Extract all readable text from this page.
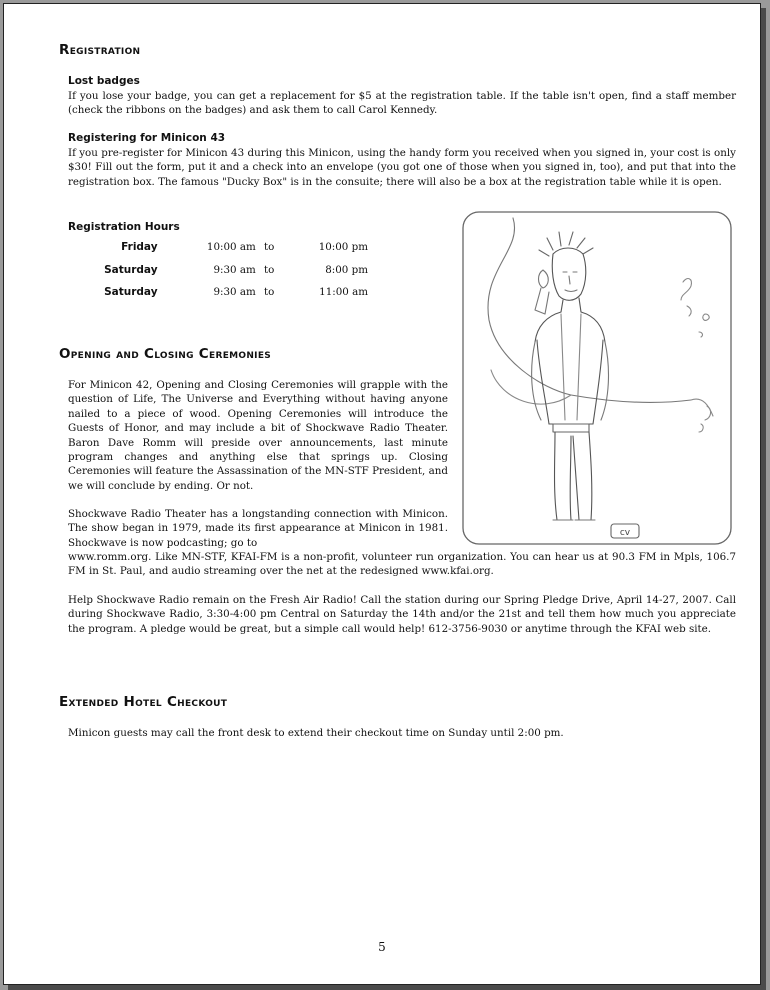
Registration
Lost badges

If you lose your badge, you can get a replacement for $5 at the registration table. If the table isn't open, find a staff member (check the ribbons on the badges) and ask them to call Carol Kennedy.

Registering for Minicon 43

If you pre-register for Minicon 43 during this Minicon, using the handy form you received when you signed in, your cost is only $30! Fill out the form, put it and a check into an envelope (you got one of those when you signed in, too), and put that into the registration box. The famous "Ducky Box" is in the consuite; there will also be a box at the registration table while it is open.

Registration Hours
Friday	10:00 am	to	10:00 pm
Saturday	9:30 am	to	8:00 pm
Saturday	9:30 am	to	11:00 am
cv
Opening and Closing Ceremonies

For Minicon 42, Opening and Closing Ceremonies will grapple with the question of Life, The Universe and Everything without having anyone nailed to a piece of wood. Opening Ceremonies will introduce the Guests of Honor, and may include a bit of Shockwave Radio Theater. Baron Dave Romm will preside over announcements, last minute program changes and anything else that springs up. Closing Ceremonies will feature the Assassination of the MN-STF President, and we will conclude by ending. Or not.

Shockwave Radio Theater has a longstanding connection with Minicon. The show began in 1979, made its first appearance at Minicon in 1981. Shockwave is now podcasting; go to

www.romm.org. Like MN-STF, KFAI-FM is a non-profit, volunteer run organization. You can hear us at 90.3 FM in Mpls, 106.7 FM in St. Paul, and audio streaming over the net at the redesigned www.kfai.org.

Help Shockwave Radio remain on the Fresh Air Radio! Call the station during our Spring Pledge Drive, April 14-27, 2007. Call during Shockwave Radio, 3:30-4:00 pm Central on Saturday the 14th and/or the 21st and tell them how much you appreciate the program. A pledge would be great, but a simple call would help! 612-3756-9030 or anytime through the KFAI web site.

Extended Hotel Checkout

Minicon guests may call the front desk to extend their checkout time on Sunday until 2:00 pm.

5
